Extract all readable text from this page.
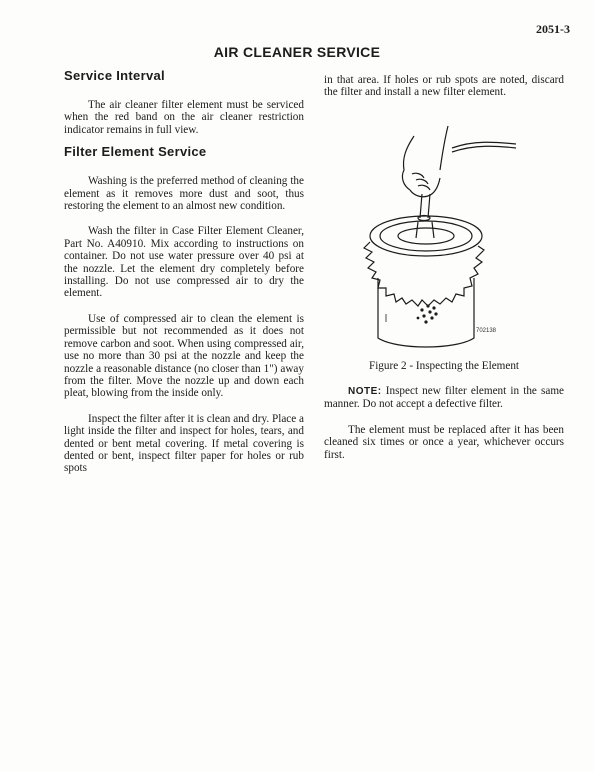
2051-3
AIR CLEANER SERVICE
Service Interval

The air cleaner filter element must be serviced when the red band on the air cleaner restriction indicator remains in full view.

Filter Element Service

Washing is the preferred method of cleaning the element as it removes more dust and soot, thus restoring the element to an almost new condition.

Wash the filter in Case Filter Element Cleaner, Part No. A40910. Mix according to instructions on container. Do not use water pressure over 40 psi at the nozzle. Let the element dry completely before installing. Do not use compressed air to dry the element.

Use of compressed air to clean the element is permissible but not recommended as it does not remove carbon and soot. When using compressed air, use no more than 30 psi at the nozzle and keep the nozzle a reasonable distance (no closer than 1") away from the filter. Move the nozzle up and down each pleat, blowing from the inside only.

Inspect the filter after it is clean and dry. Place a light inside the filter and inspect for holes, tears, and dented or bent metal covering. If metal covering is dented or bent, inspect filter paper for holes or rub spots

in that area. If holes or rub spots are noted, discard the filter and install a new filter element.

702138
Figure 2 - Inspecting the Element

NOTE: Inspect new filter element in the same manner. Do not accept a defective filter.

The element must be replaced after it has been cleaned six times or once a year, whichever occurs first.
